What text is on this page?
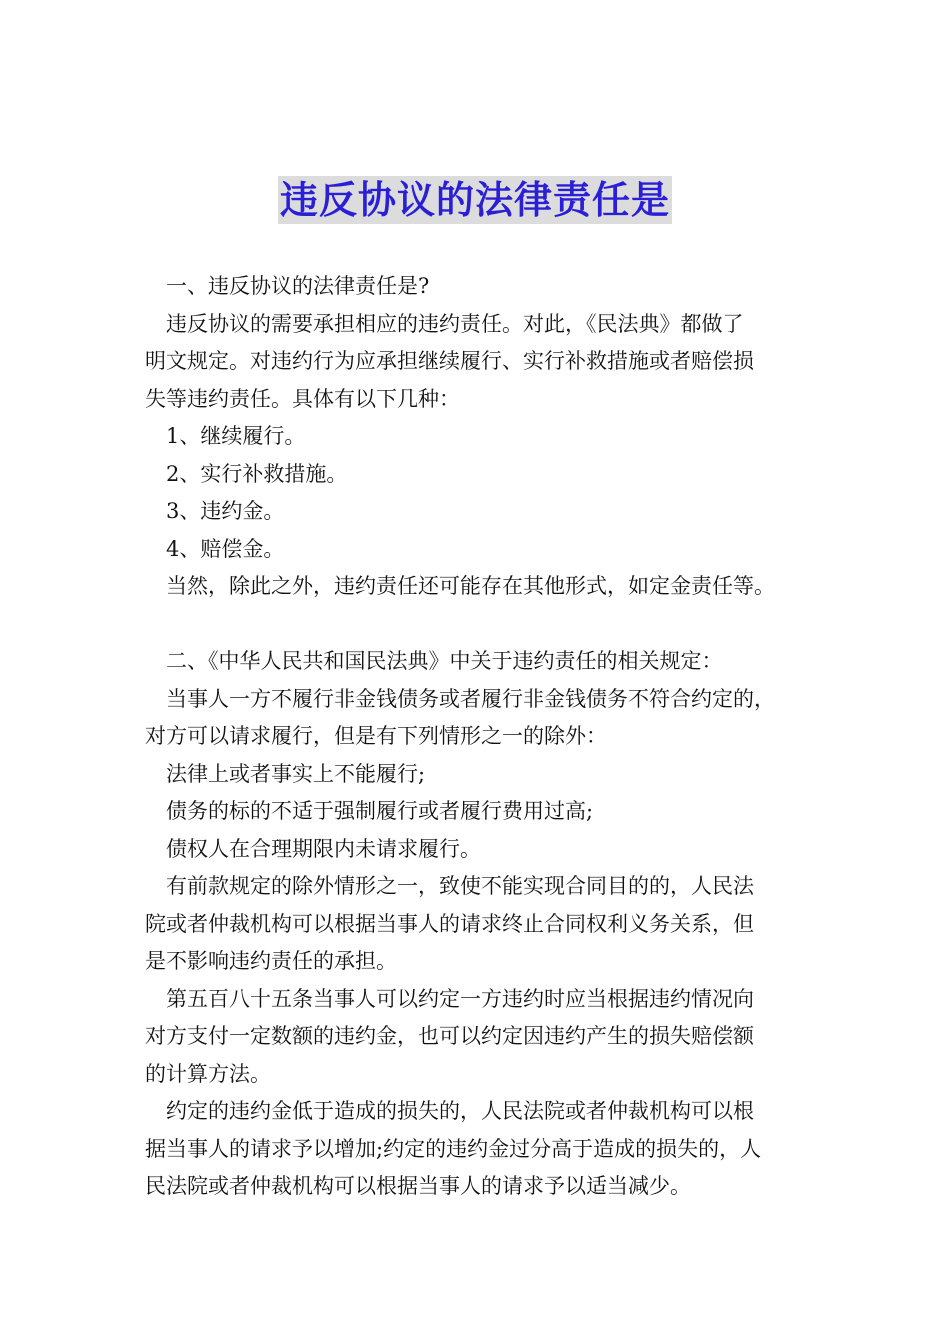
违反协议的法律责任是

一、违反协议的法律责任是?

违反协议的需要承担相应的违约责任。对此，《民法典》都做了
明文规定。对违约行为应承担继续履行、实行补救措施或者赔偿损
失等违约责任。具体有以下几种：

1、继续履行。

2、实行补救措施。

3、违约金。

4、赔偿金。

当然，除此之外，违约责任还可能存在其他形式，如定金责任等。

二、《中华人民共和国民法典》中关于违约责任的相关规定：

当事人一方不履行非金钱债务或者履行非金钱债务不符合约定的，
对方可以请求履行，但是有下列情形之一的除外：

法律上或者事实上不能履行;

债务的标的不适于强制履行或者履行费用过高;

债权人在合理期限内未请求履行。

有前款规定的除外情形之一，致使不能实现合同目的的，人民法
院或者仲裁机构可以根据当事人的请求终止合同权利义务关系，但
是不影响违约责任的承担。
第五百八十五条当事人可以约定一方违约时应当根据违约情况向
对方支付一定数额的违约金，也可以约定因违约产生的损失赔偿额
的计算方法。
约定的违约金低于造成的损失的，人民法院或者仲裁机构可以根
据当事人的请求予以增加;约定的违约金过分高于造成的损失的，人
民法院或者仲裁机构可以根据当事人的请求予以适当减少。
